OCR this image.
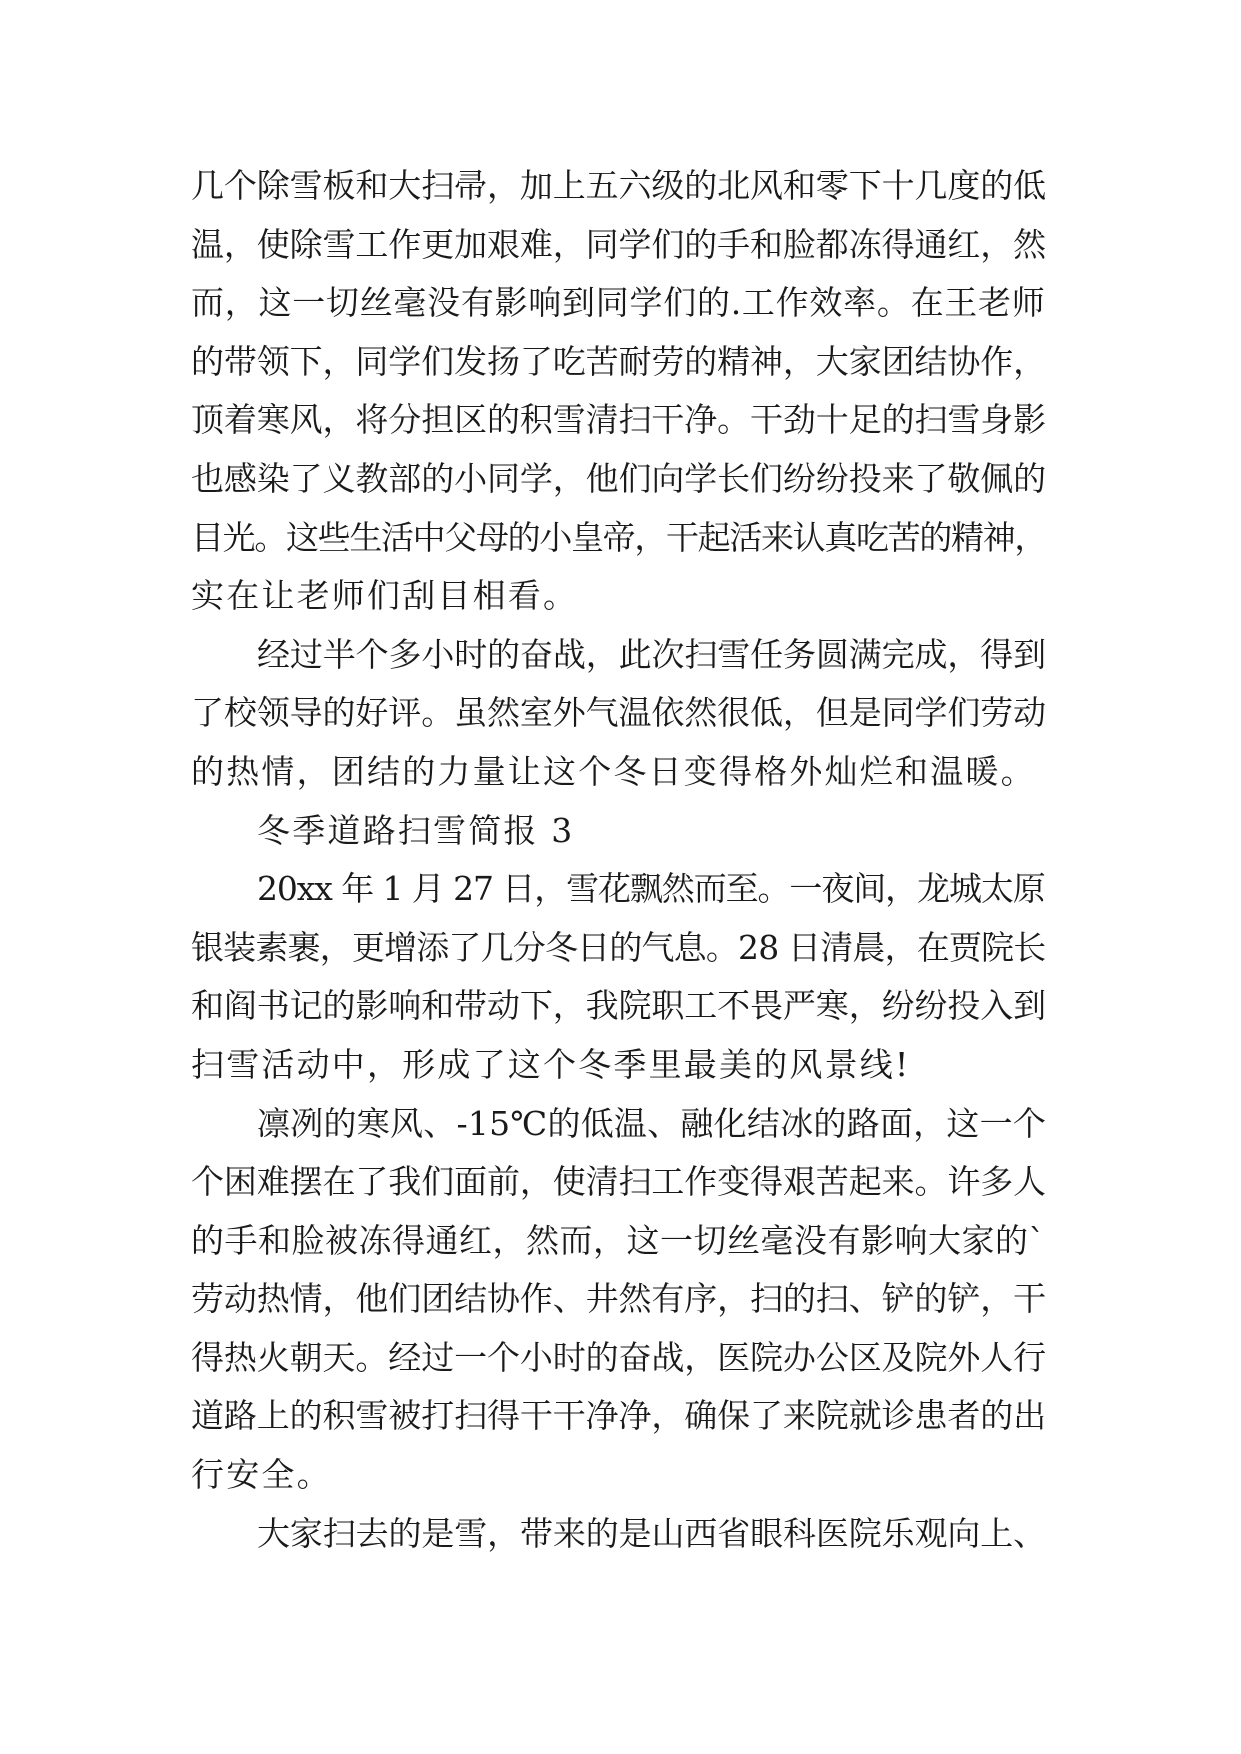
几个除雪板和大扫帚，加上五六级的北风和零下十几度的低
温，使除雪工作更加艰难，同学们的手和脸都冻得通红，然
而，这一切丝毫没有影响到同学们的.工作效率。在王老师
的带领下，同学们发扬了吃苦耐劳的精神，大家团结协作，
顶着寒风，将分担区的积雪清扫干净。干劲十足的扫雪身影
也感染了义教部的小同学，他们向学长们纷纷投来了敬佩的
目光。这些生活中父母的小皇帝，干起活来认真吃苦的精神，
实在让老师们刮目相看。
经过半个多小时的奋战，此次扫雪任务圆满完成，得到
了校领导的好评。虽然室外气温依然很低，但是同学们劳动
的热情，团结的力量让这个冬日变得格外灿烂和温暖。
冬季道路扫雪简报 3
20xx 年 1 月 27 日，雪花飘然而至。一夜间，龙城太原
银装素裹，更增添了几分冬日的气息。28 日清晨，在贾院长
和阎书记的影响和带动下，我院职工不畏严寒，纷纷投入到
扫雪活动中，形成了这个冬季里最美的风景线!
凛冽的寒风、-15℃的低温、融化结冰的路面，这一个
个困难摆在了我们面前，使清扫工作变得艰苦起来。许多人
的手和脸被冻得通红，然而，这一切丝毫没有影响大家的`
劳动热情，他们团结协作、井然有序，扫的扫、铲的铲，干
得热火朝天。经过一个小时的奋战，医院办公区及院外人行
道路上的积雪被打扫得干干净净，确保了来院就诊患者的出
行安全。
大家扫去的是雪，带来的是山西省眼科医院乐观向上、
